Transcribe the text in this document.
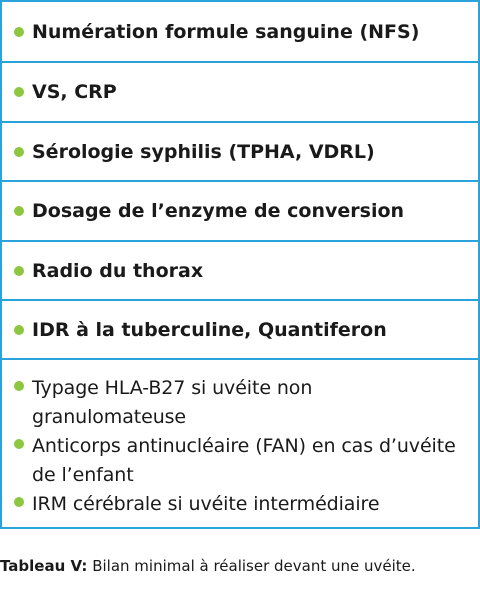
Numération formule sanguine (NFS)
VS, CRP
Sérologie syphilis (TPHA, VDRL)
Dosage de l’enzyme de conversion
Radio du thorax
IDR à la tuberculine, Quantiferon
Typage HLA-B27 si uvéite non granulomateuse
Anticorps antinucléaire (FAN) en cas d’uvéite de l’enfant
IRM cérébrale si uvéite intermédiaire
Tableau V: Bilan minimal à réaliser devant une uvéite.
